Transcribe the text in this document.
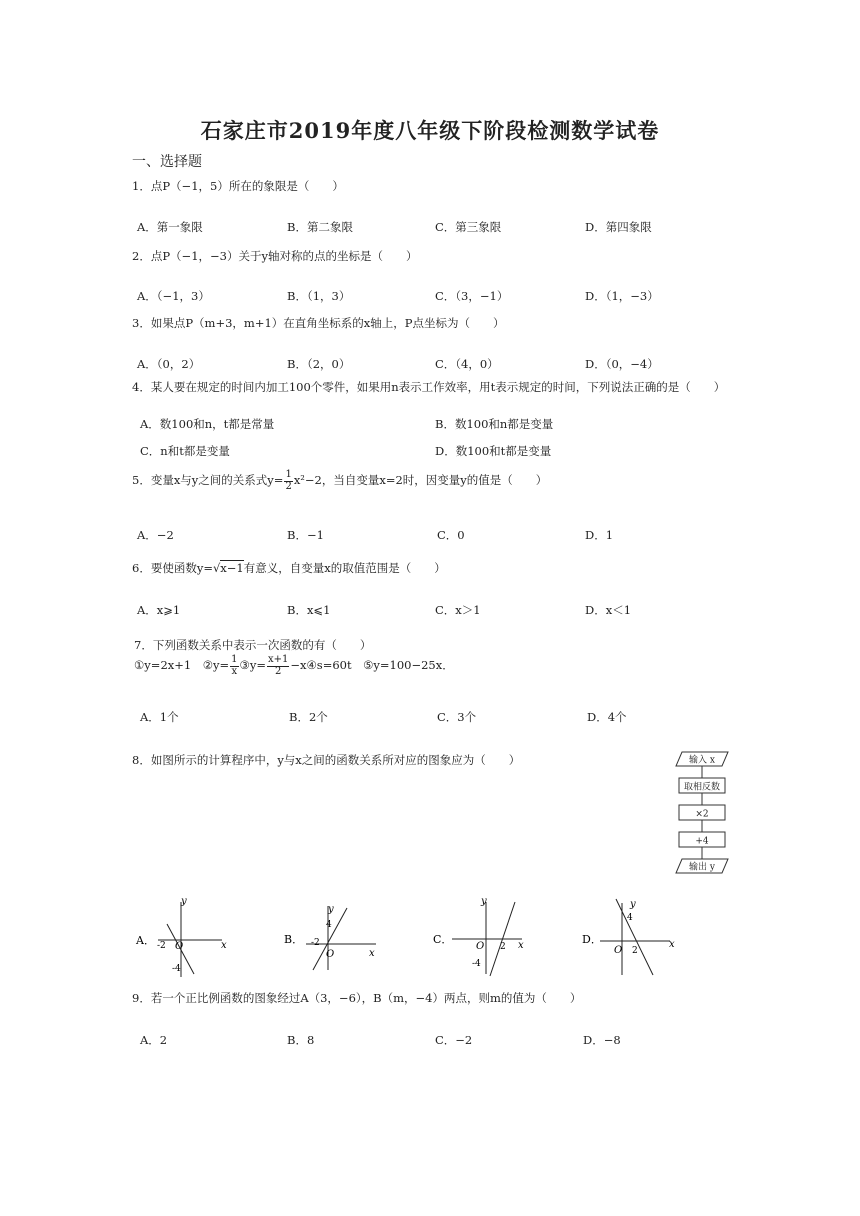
石家庄市2019年度八年级下阶段检测数学试卷
一、选择题
1．点P（−1，5）所在的象限是（　　）
A．第一象限	B．第二象限	C．第三象限	D．第四象限
2．点P（−1，−3）关于y轴对称的点的坐标是（　　）
A．（−1，3）	B．（1，3）	C．（3，−1）	D．（1，−3）
3．如果点P（m+3，m+1）在直角坐标系的x轴上，P点坐标为（　　）
A．（0，2）	B．（2，0）	C．（4，0）	D．（0，−4）
4．某人要在规定的时间内加工100个零件，如果用n表示工作效率，用t表示规定的时间，下列说法正确的是（　　）
A．数100和n，t都是常量	B．数100和n都是变量
C．n和t都是变量	D．数100和t都是变量
5．变量x与y之间的关系式$y= \frac{1}{2} x^2-2$，当自变量x=2时，因变量y的值是（　　）
A．−2	B．−1	C．0	D．1
6．要使函数y=√x−1有意义，自变量x的取值范围是（　　）
A．x⩾1	B．x⩽1	C．x＞1	D．x＜1
7．下列函数关系中表示一次函数的有（　　）
①y=2x+1　②y= $\frac{1}{x}$ ③y= $\frac{x+1}{2}$ −x④s=60t　⑤y=100−25x．
A．1个	B．2个	C．3个	D．4个
8．如图所示的计算程序中，y与x之间的函数关系所对应的图象应为（　　）	输入 x
取相反数
×2
+4
输出 y
A．
y
x
-2 O
-4
B．
y
x
4
-2
O
C．
y
x
O 2
-4
D．
y
x
4
O 2
9．若一个正比例函数的图象经过A（3，−6），B（m，−4）两点，则m的值为（　　）
A．2	B．8	C．−2	D．−8
